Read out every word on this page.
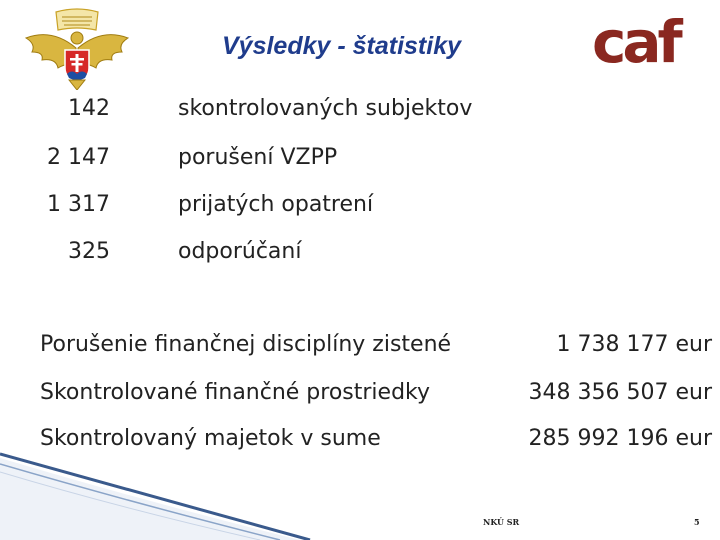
Výsledky - štatistiky caf
142	skontrolovaných subjektov
2 147	porušení VZPP
1 317	prijatých opatrení
325	odporúčaní
Porušenie finančnej disciplíny zistené	1 738 177 eur
Skontrolované finančné prostriedky	348 356 507 eur
Skontrolovaný majetok v sume	285 992 196 eur
NKÚ SR	5
